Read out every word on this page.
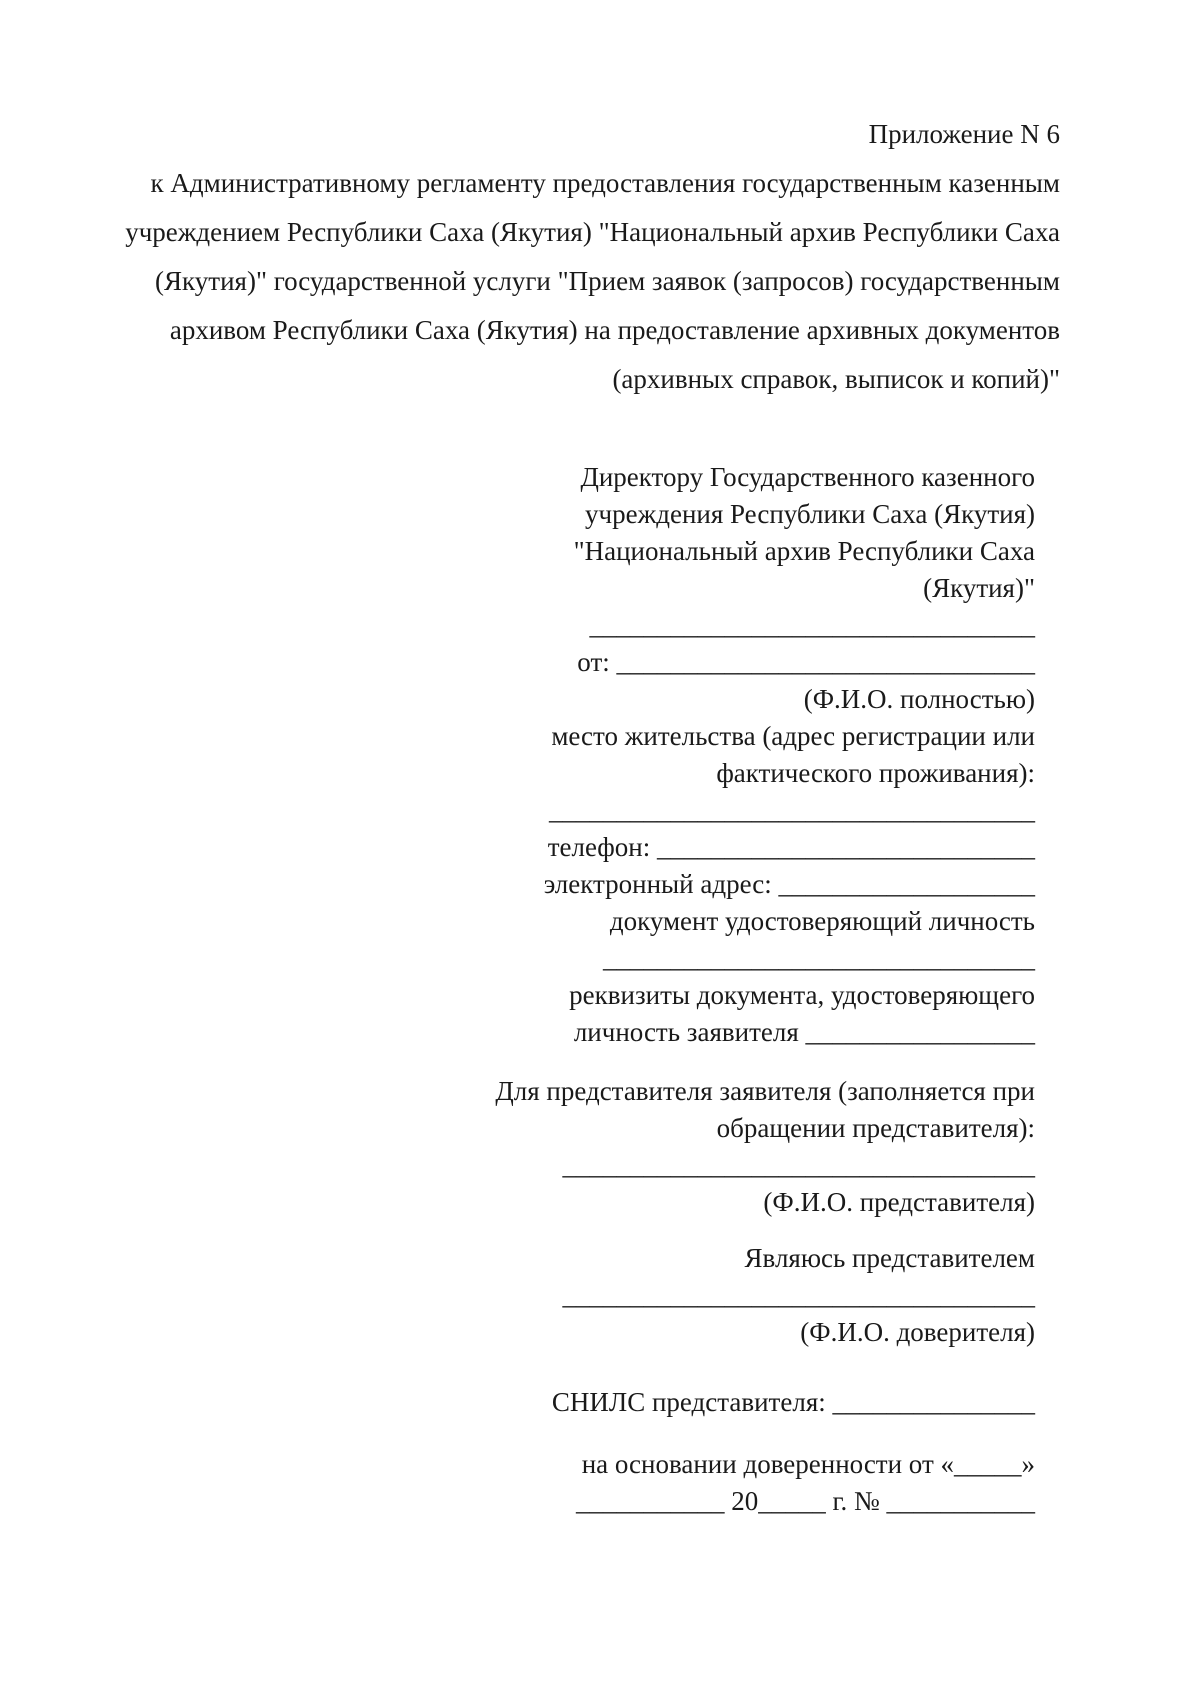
Приложение N 6
к Административному регламенту предоставления государственным казенным
учреждением Республики Саха (Якутия) "Национальный архив Республики Саха
(Якутия)" государственной услуги "Прием заявок (запросов) государственным
архивом Республики Саха (Якутия) на предоставление архивных документов
(архивных справок, выписок и копий)"
Директору Государственного казенного
учреждения Республики Саха (Якутия)
"Национальный архив Республики Саха
(Якутия)"
_________________________________
от: _______________________________
(Ф.И.О. полностью)
место жительства (адрес регистрации или
фактического проживания):
____________________________________
телефон: ____________________________
электронный адрес: ___________________
документ удостоверяющий личность
________________________________
реквизиты документа, удостоверяющего
личность заявителя _________________
Для представителя заявителя (заполняется при
обращении представителя):
___________________________________
(Ф.И.О. представителя)
Являюсь представителем
___________________________________
(Ф.И.О. доверителя)
СНИЛС представителя: _______________
на основании доверенности от «_____»
___________ 20_____ г. № ___________
